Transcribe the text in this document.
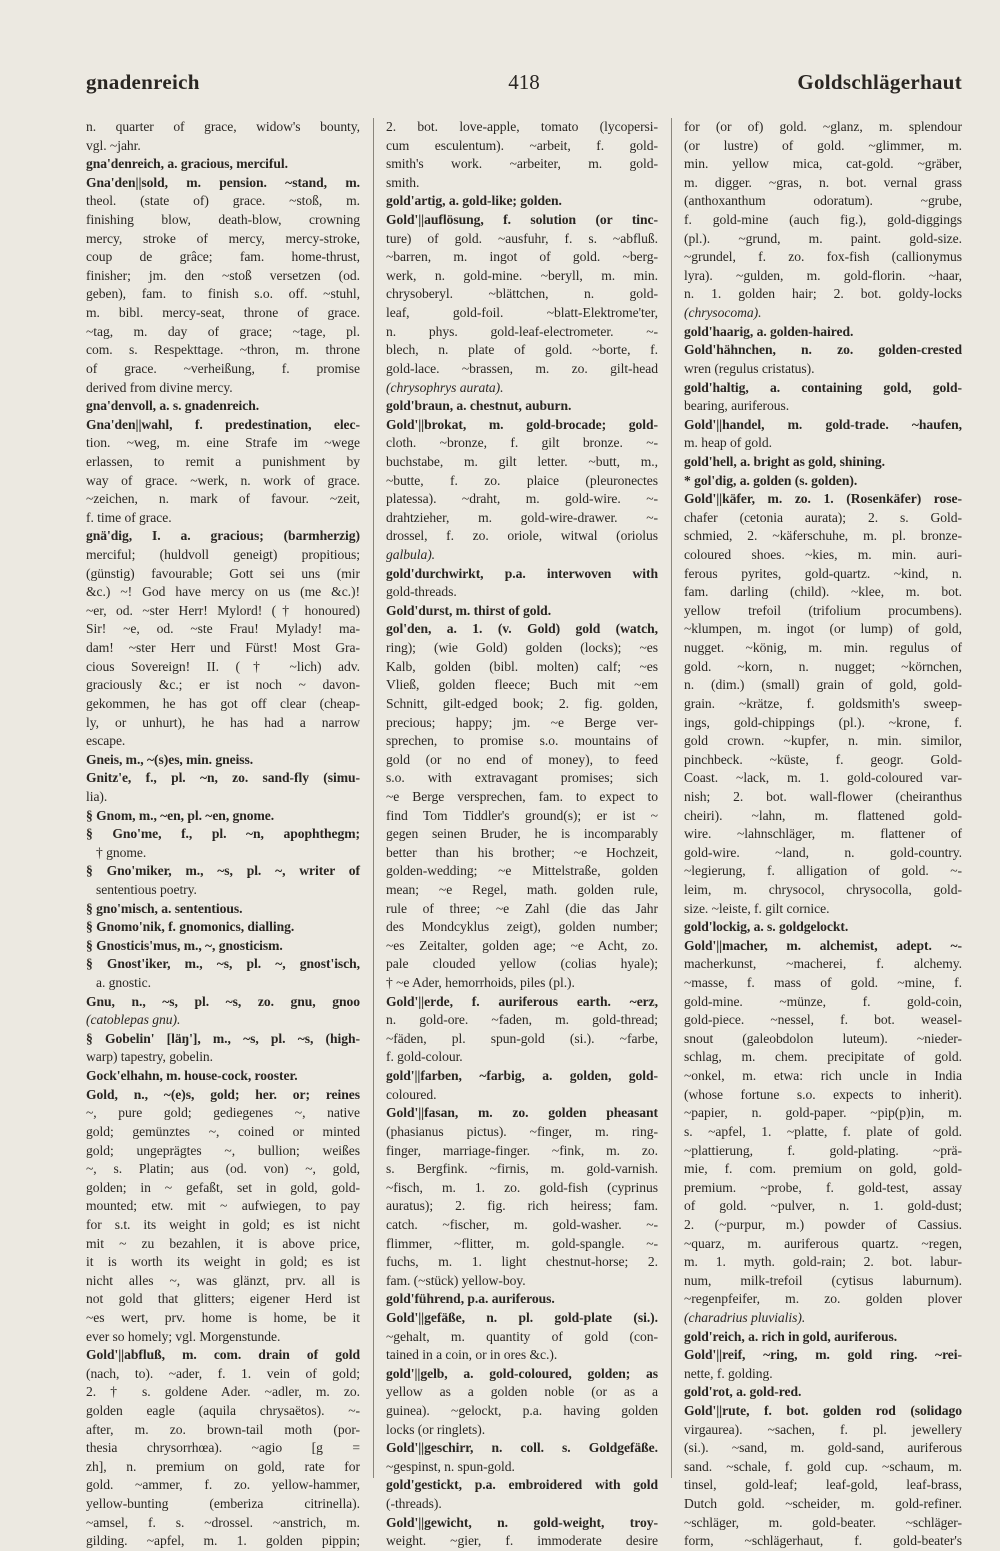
gnadenreich	418	Goldschlägerhaut
n. quarter of grace, widow's bounty,
vgl. ~jahr.
gna'denreich, a. gracious, merciful.
Gna'den||sold, m. pension. ~stand, m.
theol. (state of) grace. ~stoß, m.
finishing blow, death-blow, crowning
mercy, stroke of mercy, mercy-stroke,
coup de grâce; fam. home-thrust,
finisher; jm. den ~stoß versetzen (od.
geben), fam. to finish s.o. off. ~stuhl,
m. bibl. mercy-seat, throne of grace.
~tag, m. day of grace; ~tage, pl.
com. s. Respekttage. ~thron, m. throne
of grace. ~verheißung, f. promise
derived from divine mercy.
gna'denvoll, a. s. gnadenreich.
Gna'den||wahl, f. predestination, elec-
tion. ~weg, m. eine Strafe im ~wege
erlassen, to remit a punishment by
way of grace. ~werk, n. work of grace.
~zeichen, n. mark of favour. ~zeit,
f. time of grace.
gnä'dig, I. a. gracious; (barmherzig)
merciful; (huldvoll geneigt) propitious;
(günstig) favourable; Gott sei uns (mir
&c.) ~! God have mercy on us (me &c.)!
~er, od. ~ster Herr! Mylord! († honoured)
Sir! ~e, od. ~ste Frau! Mylady! ma-
dam! ~ster Herr und Fürst! Most Gra-
cious Sovereign! II. († ~lich) adv.
graciously &c.; er ist noch ~ davon-
gekommen, he has got off clear (cheap-
ly, or unhurt), he has had a narrow
escape.
Gneis, m., ~(s)es, min. gneiss.
Gnitz'e, f., pl. ~n, zo. sand-fly (simu-
lia).
§ Gnom, m., ~en, pl. ~en, gnome.
§ Gno'me, f., pl. ~n, apophthegm;
† gnome.
§ Gno'miker, m., ~s, pl. ~, writer of
sententious poetry.
§ gno'misch, a. sententious.
§ Gnomo'nik, f. gnomonics, dialling.
§ Gnosticis'mus, m., ~, gnosticism.
§ Gnost'iker, m., ~s, pl. ~, gnost'isch,
a. gnostic.
Gnu, n., ~s, pl. ~s, zo. gnu, gnoo
(catoblepas gnu).
§ Gobelin' [läŋ'], m., ~s, pl. ~s, (high-
warp) tapestry, gobelin.
Gock'elhahn, m. house-cock, rooster.
Gold, n., ~(e)s, gold; her. or; reines
~, pure gold; gediegenes ~, native
gold; gemünztes ~, coined or minted
gold; ungeprägtes ~, bullion; weißes
~, s. Platin; aus (od. von) ~, gold,
golden; in ~ gefaßt, set in gold, gold-
mounted; etw. mit ~ aufwiegen, to pay
for s.t. its weight in gold; es ist nicht
mit ~ zu bezahlen, it is above price,
it is worth its weight in gold; es ist
nicht alles ~, was glänzt, prv. all is
not gold that glitters; eigener Herd ist
~es wert, prv. home is home, be it
ever so homely; vgl. Morgenstunde.
Gold'||abfluß, m. com. drain of gold
(nach, to). ~ader, f. 1. vein of gold;
2. † s. goldene Ader. ~adler, m. zo.
golden eagle (aquila chrysaëtos). ~-
after, m. zo. brown-tail moth (por-
thesia chrysorrhœa). ~agio [g =
zh], n. premium on gold, rate for
gold. ~ammer, f. zo. yellow-hammer,
yellow-bunting (emberiza citrinella).
~amsel, f. s. ~drossel. ~anstrich, m.
gilding. ~apfel, m. 1. golden pippin;
2. bot. love-apple, tomato (lycopersi-
cum esculentum). ~arbeit, f. gold-
smith's work. ~arbeiter, m. gold-
smith.
gold'artig, a. gold-like; golden.
Gold'||auflösung, f. solution (or tinc-
ture) of gold. ~ausfuhr, f. s. ~abfluß.
~barren, m. ingot of gold. ~berg-
werk, n. gold-mine. ~beryll, m. min.
chrysoberyl. ~blättchen, n. gold-
leaf, gold-foil. ~blatt-Elektrome'ter,
n. phys. gold-leaf-electrometer. ~-
blech, n. plate of gold. ~borte, f.
gold-lace. ~brassen, m. zo. gilt-head
(chrysophrys aurata).
gold'braun, a. chestnut, auburn.
Gold'||brokat, m. gold-brocade; gold-
cloth. ~bronze, f. gilt bronze. ~-
buchstabe, m. gilt letter. ~butt, m.,
~butte, f. zo. plaice (pleuronectes
platessa). ~draht, m. gold-wire. ~-
drahtzieher, m. gold-wire-drawer. ~-
drossel, f. zo. oriole, witwal (oriolus
galbula).
gold'durchwirkt, p.a. interwoven with
gold-threads.
Gold'durst, m. thirst of gold.
gol'den, a. 1. (v. Gold) gold (watch,
ring); (wie Gold) golden (locks); ~es
Kalb, golden (bibl. molten) calf; ~es
Vließ, golden fleece; Buch mit ~em
Schnitt, gilt-edged book; 2. fig. golden,
precious; happy; jm. ~e Berge ver-
sprechen, to promise s.o. mountains of
gold (or no end of money), to feed
s.o. with extravagant promises; sich
~e Berge versprechen, fam. to expect to
find Tom Tiddler's ground(s); er ist ~
gegen seinen Bruder, he is incomparably
better than his brother; ~e Hochzeit,
golden-wedding; ~e Mittelstraße, golden
mean; ~e Regel, math. golden rule,
rule of three; ~e Zahl (die das Jahr
des Mondcyklus zeigt), golden number;
~es Zeitalter, golden age; ~e Acht, zo.
pale clouded yellow (colias hyale);
† ~e Ader, hemorrhoids, piles (pl.).
Gold'||erde, f. auriferous earth. ~erz,
n. gold-ore. ~faden, m. gold-thread;
~fäden, pl. spun-gold (si.). ~farbe,
f. gold-colour.
gold'||farben, ~farbig, a. golden, gold-
coloured.
Gold'||fasan, m. zo. golden pheasant
(phasianus pictus). ~finger, m. ring-
finger, marriage-finger. ~fink, m. zo.
s. Bergfink. ~firnis, m. gold-varnish.
~fisch, m. 1. zo. gold-fish (cyprinus
auratus); 2. fig. rich heiress; fam.
catch. ~fischer, m. gold-washer. ~-
flimmer, ~flitter, m. gold-spangle. ~-
fuchs, m. 1. light chestnut-horse; 2.
fam. (~stück) yellow-boy.
gold'führend, p.a. auriferous.
Gold'||gefäße, n. pl. gold-plate (si.).
~gehalt, m. quantity of gold (con-
tained in a coin, or in ores &c.).
gold'||gelb, a. gold-coloured, golden; as
yellow as a golden noble (or as a
guinea). ~gelockt, p.a. having golden
locks (or ringlets).
Gold'||geschirr, n. coll. s. Goldgefäße.
~gespinst, n. spun-gold.
gold'gestickt, p.a. embroidered with gold
(-threads).
Gold'||gewicht, n. gold-weight, troy-
weight. ~gier, f. immoderate desire
for (or of) gold. ~glanz, m. splendour
(or lustre) of gold. ~glimmer, m.
min. yellow mica, cat-gold. ~gräber,
m. digger. ~gras, n. bot. vernal grass
(anthoxanthum odoratum). ~grube,
f. gold-mine (auch fig.), gold-diggings
(pl.). ~grund, m. paint. gold-size.
~grundel, f. zo. fox-fish (callionymus
lyra). ~gulden, m. gold-florin. ~haar,
n. 1. golden hair; 2. bot. goldy-locks
(chrysocoma).
gold'haarig, a. golden-haired.
Gold'hähnchen, n. zo. golden-crested
wren (regulus cristatus).
gold'haltig, a. containing gold, gold-
bearing, auriferous.
Gold'||handel, m. gold-trade. ~haufen,
m. heap of gold.
gold'hell, a. bright as gold, shining.
* gol'dig, a. golden (s. golden).
Gold'||käfer, m. zo. 1. (Rosenkäfer) rose-
chafer (cetonia aurata); 2. s. Gold-
schmied, 2. ~käferschuhe, m. pl. bronze-
coloured shoes. ~kies, m. min. auri-
ferous pyrites, gold-quartz. ~kind, n.
fam. darling (child). ~klee, m. bot.
yellow trefoil (trifolium procumbens).
~klumpen, m. ingot (or lump) of gold,
nugget. ~könig, m. min. regulus of
gold. ~korn, n. nugget; ~körnchen,
n. (dim.) (small) grain of gold, gold-
grain. ~krätze, f. goldsmith's sweep-
ings, gold-chippings (pl.). ~krone, f.
gold crown. ~kupfer, n. min. similor,
pinchbeck. ~küste, f. geogr. Gold-
Coast. ~lack, m. 1. gold-coloured var-
nish; 2. bot. wall-flower (cheiranthus
cheiri). ~lahn, m. flattened gold-
wire. ~lahnschläger, m. flattener of
gold-wire. ~land, n. gold-country.
~legierung, f. alligation of gold. ~-
leim, m. chrysocol, chrysocolla, gold-
size. ~leiste, f. gilt cornice.
gold'lockig, a. s. goldgelockt.
Gold'||macher, m. alchemist, adept. ~-
macherkunst, ~macherei, f. alchemy.
~masse, f. mass of gold. ~mine, f.
gold-mine. ~münze, f. gold-coin,
gold-piece. ~nessel, f. bot. weasel-
snout (galeobdolon luteum). ~nieder-
schlag, m. chem. precipitate of gold.
~onkel, m. etwa: rich uncle in India
(whose fortune s.o. expects to inherit).
~papier, n. gold-paper. ~pip(p)in, m.
s. ~apfel, 1. ~platte, f. plate of gold.
~plattierung, f. gold-plating. ~prä-
mie, f. com. premium on gold, gold-
premium. ~probe, f. gold-test, assay
of gold. ~pulver, n. 1. gold-dust;
2. (~purpur, m.) powder of Cassius.
~quarz, m. auriferous quartz. ~regen,
m. 1. myth. gold-rain; 2. bot. labur-
num, milk-trefoil (cytisus laburnum).
~regenpfeifer, m. zo. golden plover
(charadrius pluvialis).
gold'reich, a. rich in gold, auriferous.
Gold'||reif, ~ring, m. gold ring. ~rei-
nette, f. golding.
gold'rot, a. gold-red.
Gold'||rute, f. bot. golden rod (solidago
virgaurea). ~sachen, f. pl. jewellery
(si.). ~sand, m. gold-sand, auriferous
sand. ~schale, f. gold cup. ~schaum, m.
tinsel, gold-leaf; leaf-gold, leaf-brass,
Dutch gold. ~scheider, m. gold-refiner.
~schläger, m. gold-beater. ~schläger-
form, ~schlägerhaut, f. gold-beater's
